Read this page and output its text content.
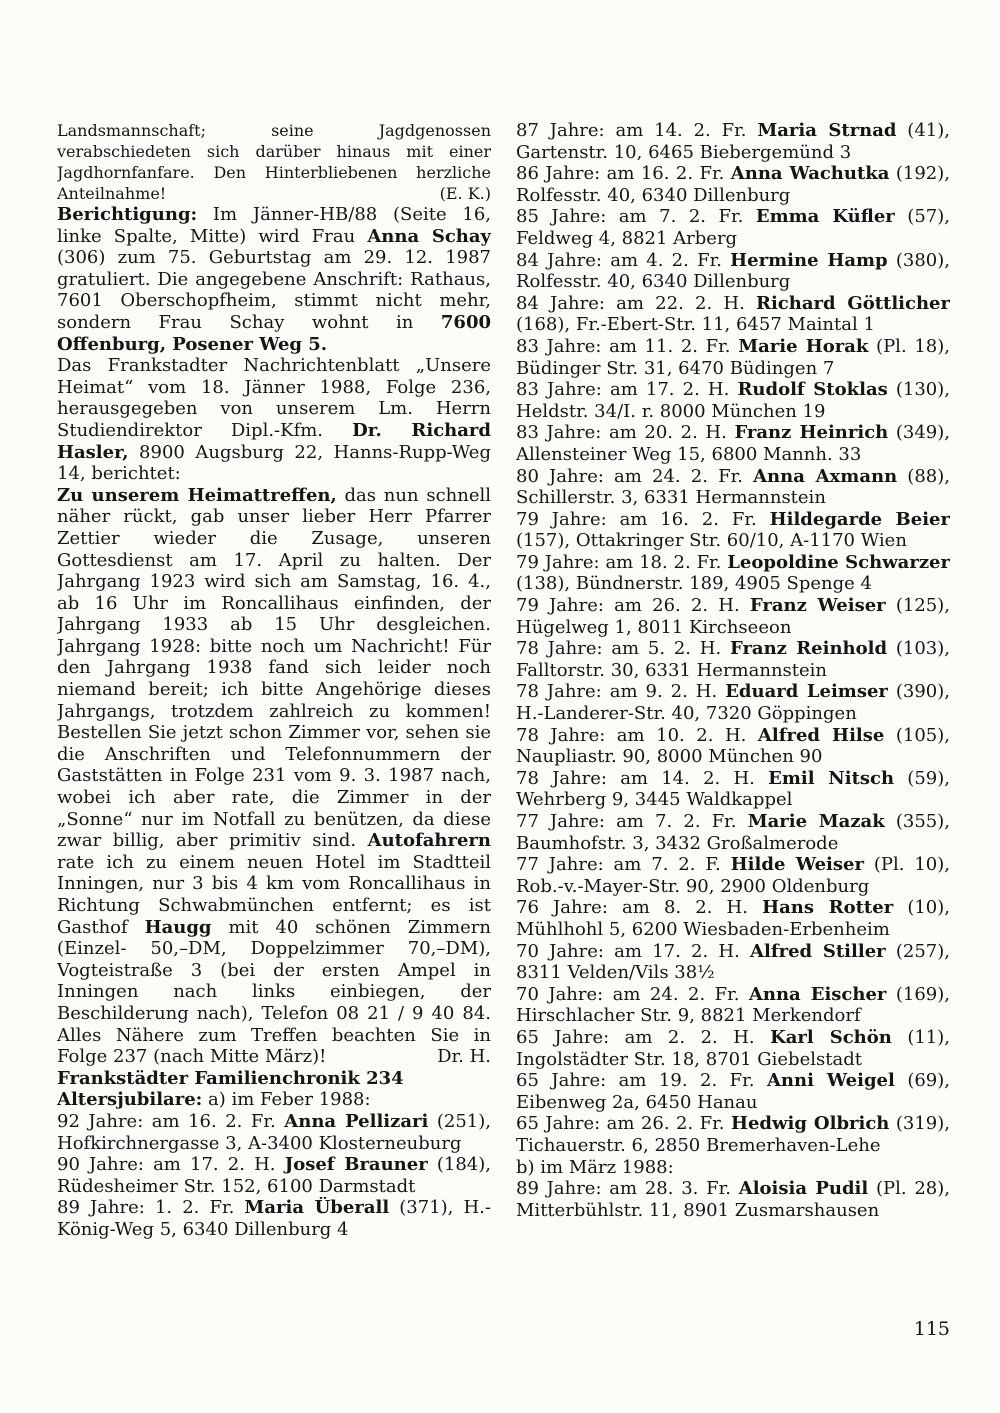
Landsmannschaft; seine Jagdgenossen verabschiedeten sich darüber hinaus mit einer Jagdhornfanfare. Den Hinterbliebenen herzliche Anteilnahme!	(E. K.)

Berichtigung: Im Jänner-HB/88 (Seite 16, linke Spalte, Mitte) wird Frau Anna Schay (306) zum 75. Geburtstag am 29. 12. 1987 gratuliert. Die angegebene Anschrift: Rathaus, 7601 Oberschopfheim, stimmt nicht mehr, sondern Frau Schay wohnt in 7600 Offenburg, Posener Weg 5.

Das Frankstadter Nachrichtenblatt „Unsere Heimat“ vom 18. Jänner 1988, Folge 236, herausgegeben von unserem Lm. Herrn Studiendirektor Dipl.-Kfm. Dr. Richard Hasler, 8900 Augsburg 22, Hanns-Rupp-Weg 14, berichtet:

Zu unserem Heimattreffen, das nun schnell näher rückt, gab unser lieber Herr Pfarrer Zettier wieder die Zusage, unseren Gottesdienst am 17. April zu halten. Der Jahrgang 1923 wird sich am Samstag, 16. 4., ab 16 Uhr im Roncallihaus einfinden, der Jahrgang 1933 ab 15 Uhr desgleichen. Jahrgang 1928: bitte noch um Nachricht! Für den Jahrgang 1938 fand sich leider noch niemand bereit; ich bitte Angehörige dieses Jahrgangs, trotzdem zahlreich zu kommen! Bestellen Sie jetzt schon Zimmer vor, sehen sie die Anschriften und Telefonnummern der Gaststätten in Folge 231 vom 9. 3. 1987 nach, wobei ich aber rate, die Zimmer in der „Sonne“ nur im Notfall zu benützen, da diese zwar billig, aber primitiv sind. Autofahrern rate ich zu einem neuen Hotel im Stadtteil Inningen, nur 3 bis 4 km vom Roncallihaus in Richtung Schwabmünchen entfernt; es ist Gasthof Haugg mit 40 schönen Zimmern (Einzel- 50,–DM, Doppelzimmer 70,–DM), Vogteistraße 3 (bei der ersten Ampel in Inningen nach links einbiegen, der Beschilderung nach), Telefon 08 21 / 9 40 84. Alles Nähere zum Treffen beachten Sie in Folge 237 (nach Mitte März)!	Dr. H.

Frankstädter Familienchronik 234

Altersjubilare: a) im Feber 1988:

92 Jahre: am 16. 2. Fr. Anna Pellizari (251), Hofkirchnergasse 3, A-3400 Klosterneuburg

90 Jahre: am 17. 2. H. Josef Brauner (184), Rüdesheimer Str. 152, 6100 Darmstadt

89 Jahre: 1. 2. Fr. Maria Überall (371), H.-König-Weg 5, 6340 Dillenburg 4

87 Jahre: am 14. 2. Fr. Maria Strnad (41), Gartenstr. 10, 6465 Biebergemünd 3

86 Jahre: am 16. 2. Fr. Anna Wachutka (192), Rolfesstr. 40, 6340 Dillenburg

85 Jahre: am 7. 2. Fr. Emma Küfler (57), Feldweg 4, 8821 Arberg

84 Jahre: am 4. 2. Fr. Hermine Hamp (380), Rolfesstr. 40, 6340 Dillenburg

84 Jahre: am 22. 2. H. Richard Göttlicher (168), Fr.-Ebert-Str. 11, 6457 Maintal 1

83 Jahre: am 11. 2. Fr. Marie Horak (Pl. 18), Büdinger Str. 31, 6470 Büdingen 7

83 Jahre: am 17. 2. H. Rudolf Stoklas (130), Heldstr. 34/I. r. 8000 München 19

83 Jahre: am 20. 2. H. Franz Heinrich (349), Allensteiner Weg 15, 6800 Mannh. 33

80 Jahre: am 24. 2. Fr. Anna Axmann (88), Schillerstr. 3, 6331 Hermannstein

79 Jahre: am 16. 2. Fr. Hildegarde Beier (157), Ottakringer Str. 60/10, A-1170 Wien

79 Jahre: am 18. 2. Fr. Leopoldine Schwarzer (138), Bündnerstr. 189, 4905 Spenge 4

79 Jahre: am 26. 2. H. Franz Weiser (125), Hügelweg 1, 8011 Kirchseeon

78 Jahre: am 5. 2. H. Franz Reinhold (103), Falltorstr. 30, 6331 Hermannstein

78 Jahre: am 9. 2. H. Eduard Leimser (390), H.-Landerer-Str. 40, 7320 Göppingen

78 Jahre: am 10. 2. H. Alfred Hilse (105), Naupliastr. 90, 8000 München 90

78 Jahre: am 14. 2. H. Emil Nitsch (59), Wehrberg 9, 3445 Waldkappel

77 Jahre: am 7. 2. Fr. Marie Mazak (355), Baumhofstr. 3, 3432 Großalmerode

77 Jahre: am 7. 2. F. Hilde Weiser (Pl. 10), Rob.-v.-Mayer-Str. 90, 2900 Oldenburg

76 Jahre: am 8. 2. H. Hans Rotter (10), Mühlhohl 5, 6200 Wiesbaden-Erbenheim

70 Jahre: am 17. 2. H. Alfred Stiller (257), 8311 Velden/Vils 38½

70 Jahre: am 24. 2. Fr. Anna Eischer (169), Hirschlacher Str. 9, 8821 Merkendorf

65 Jahre: am 2. 2. H. Karl Schön (11), Ingolstädter Str. 18, 8701 Giebelstadt

65 Jahre: am 19. 2. Fr. Anni Weigel (69), Eibenweg 2a, 6450 Hanau

65 Jahre: am 26. 2. Fr. Hedwig Olbrich (319), Tichauerstr. 6, 2850 Bremerhaven-Lehe

b) im März 1988:

89 Jahre: am 28. 3. Fr. Aloisia Pudil (Pl. 28), Mitterbühlstr. 11, 8901 Zusmarshausen

115
